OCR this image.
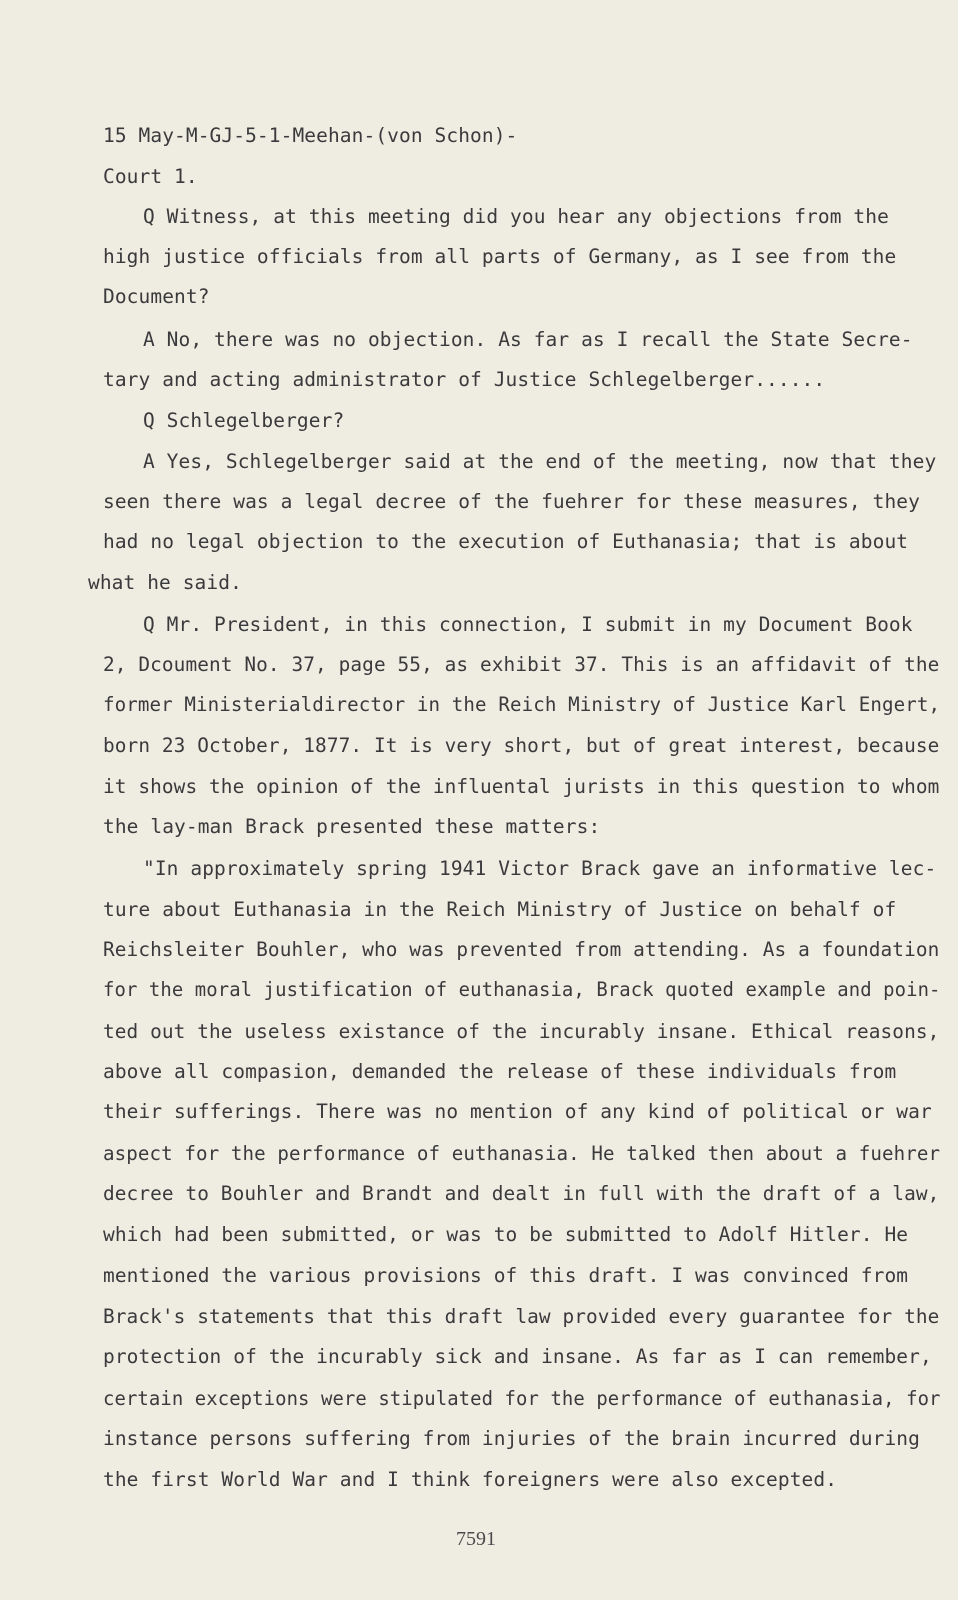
15 May-M-GJ-5-1-Meehan-(von Schon)-
Court 1.
Q Witness, at this meeting did you hear any objections from the
high justice officials from all parts of Germany, as I see from the
Document?
A No, there was no objection. As far as I recall the State Secre-
tary and acting administrator of Justice Schlegelberger......
Q Schlegelberger?
A Yes, Schlegelberger said at the end of the meeting, now that they
seen there was a legal decree of the fuehrer for these measures, they
had no legal objection to the execution of Euthanasia; that is about
what he said.
Q Mr. President, in this connection, I submit in my Document Book
2, Dcoument No. 37, page 55, as exhibit 37. This is an affidavit of the
former Ministerialdirector in the Reich Ministry of Justice Karl Engert,
born 23 October, 1877. It is very short, but of great interest, because
it shows the opinion of the influental jurists in this question to whom
the lay-man Brack presented these matters:
"In approximately spring 1941 Victor Brack gave an informative lec-
ture about Euthanasia in the Reich Ministry of Justice on behalf of
Reichsleiter Bouhler, who was prevented from attending. As a foundation
for the moral justification of euthanasia, Brack quoted example and poin-
ted out the useless existance of the incurably insane. Ethical reasons,
above all compasion, demanded the release of these individuals from
their sufferings. There was no mention of any kind of political or war
aspect for the performance of euthanasia. He talked then about a fuehrer
decree to Bouhler and Brandt and dealt in full with the draft of a law,
which had been submitted, or was to be submitted to Adolf Hitler. He
mentioned the various provisions of this draft. I was convinced from
Brack's statements that this draft law provided every guarantee for the
protection of the incurably sick and insane. As far as I can remember,
certain exceptions were stipulated for the performance of euthanasia, for
instance persons suffering from injuries of the brain incurred during
the first World War and I think foreigners were also excepted.
7591
